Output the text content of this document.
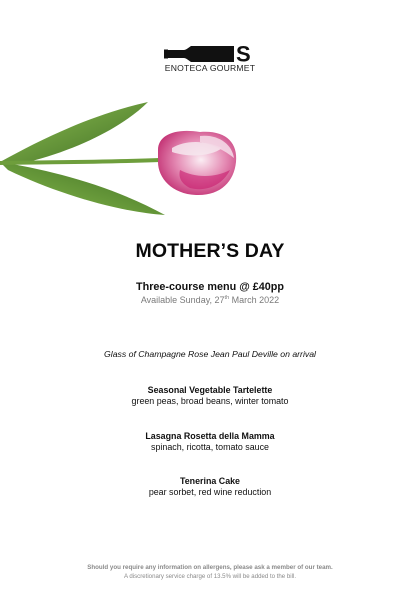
S
ENOTECA GOURMET
MOTHER’S DAY
Three-course menu @ £40pp
Available Sunday, 27th March 2022
Glass of Champagne Rose Jean Paul Deville on arrival
Seasonal Vegetable Tartelette
green peas, broad beans, winter tomato
Lasagna Rosetta della Mamma
spinach, ricotta, tomato sauce
Tenerina Cake
pear sorbet, red wine reduction
Should you require any information on allergens, please ask a member of our team.
A discretionary service charge of 13.5% will be added to the bill.
